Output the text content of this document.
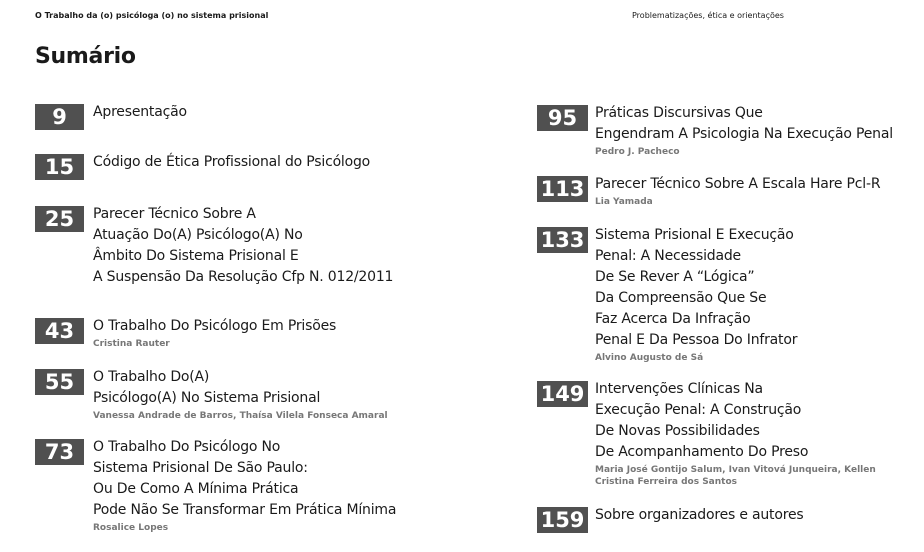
O Trabalho da (o) psicóloga (o) no sistema prisional	Problematizações, ética e orientações
Sumário
9	Apresentação
15	Código de Ética Profissional do Psicólogo
25	Parecer Técnico Sobre A
Atuação Do(A) Psicólogo(A) No
Âmbito Do Sistema Prisional E
A Suspensão Da Resolução Cfp N. 012/2011
43	O Trabalho Do Psicólogo Em Prisões
Cristina Rauter
55	O Trabalho Do(A)
Psicólogo(A) No Sistema Prisional
Vanessa Andrade de Barros, Thaísa Vilela Fonseca Amaral
73	O Trabalho Do Psicólogo No
Sistema Prisional De São Paulo:
Ou De Como A Mínima Prática
Pode Não Se Transformar Em Prática Mínima
Rosalice Lopes
95	Práticas Discursivas Que
Engendram A Psicologia Na Execução Penal
Pedro J. Pacheco
113 Parecer Técnico Sobre A Escala Hare Pcl-R
Lia Yamada
133 Sistema Prisional E Execução
Penal: A Necessidade
De Se Rever A “Lógica”
Da Compreensão Que Se
Faz Acerca Da Infração
Penal E Da Pessoa Do Infrator
Alvino Augusto de Sá
149 Intervenções Clínicas Na
Execução Penal: A Construção
De Novas Possibilidades
De Acompanhamento Do Preso
Maria José Gontijo Salum, Ivan Vitová Junqueira, Kellen Cristina Ferreira dos Santos
159 Sobre organizadores e autores
